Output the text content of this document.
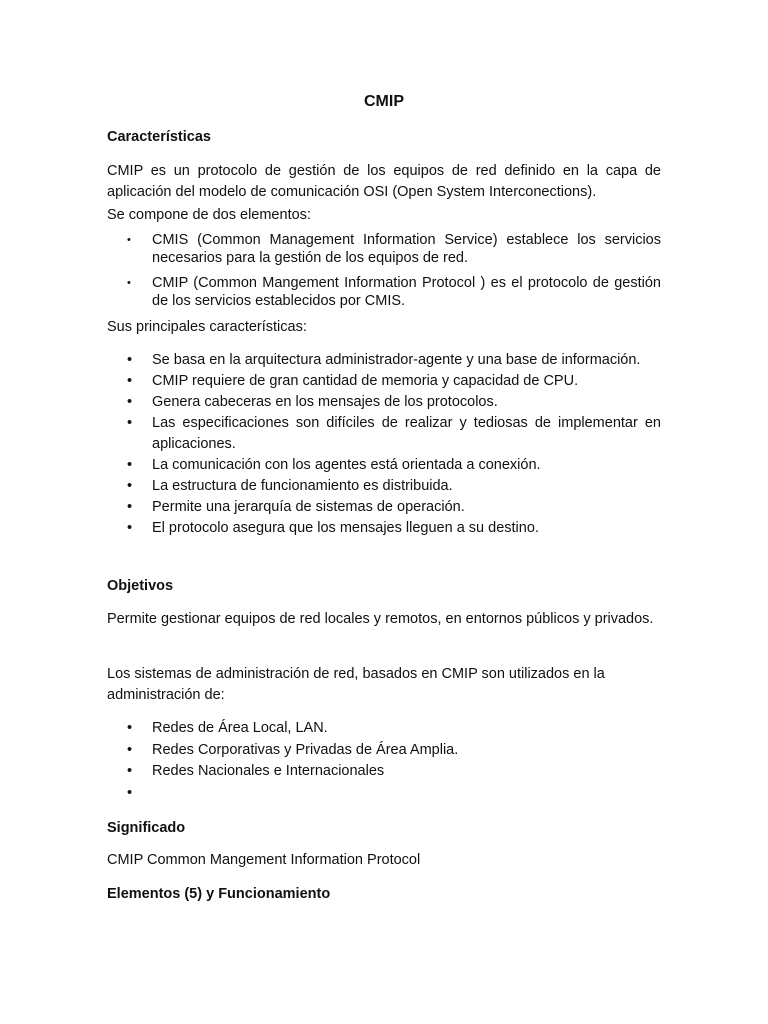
CMIP
Características
CMIP es un protocolo de gestión de los equipos de red definido en la capa de aplicación del modelo de comunicación OSI (Open System Interconections).
Se compone de dos elementos:
• CMIS (Common Management Information Service) establece los servicios necesarios para la gestión de los equipos de red.
• CMIP (Common Mangement Information Protocol ) es el protocolo de gestión de los servicios establecidos por CMIS.
Sus principales características:
• Se basa en la arquitectura administrador-agente y una base de información.
• CMIP requiere de gran cantidad de memoria y capacidad de CPU.
• Genera cabeceras en los mensajes de los protocolos.
• Las especificaciones son difíciles de realizar y tediosas de implementar en aplicaciones.
• La comunicación con los agentes está orientada a conexión.
• La estructura de funcionamiento es distribuida.
• Permite una jerarquía de sistemas de operación.
• El protocolo asegura que los mensajes lleguen a su destino.
Objetivos
Permite gestionar equipos de red locales y remotos, en entornos públicos y privados.
Los sistemas de administración de red, basados en CMIP son utilizados en la administración de:
• Redes de Área Local, LAN.
• Redes Corporativas y Privadas de Área Amplia.
• Redes Nacionales e Internacionales
•

Significado
CMIP Common Mangement Information Protocol
Elementos (5) y Funcionamiento
